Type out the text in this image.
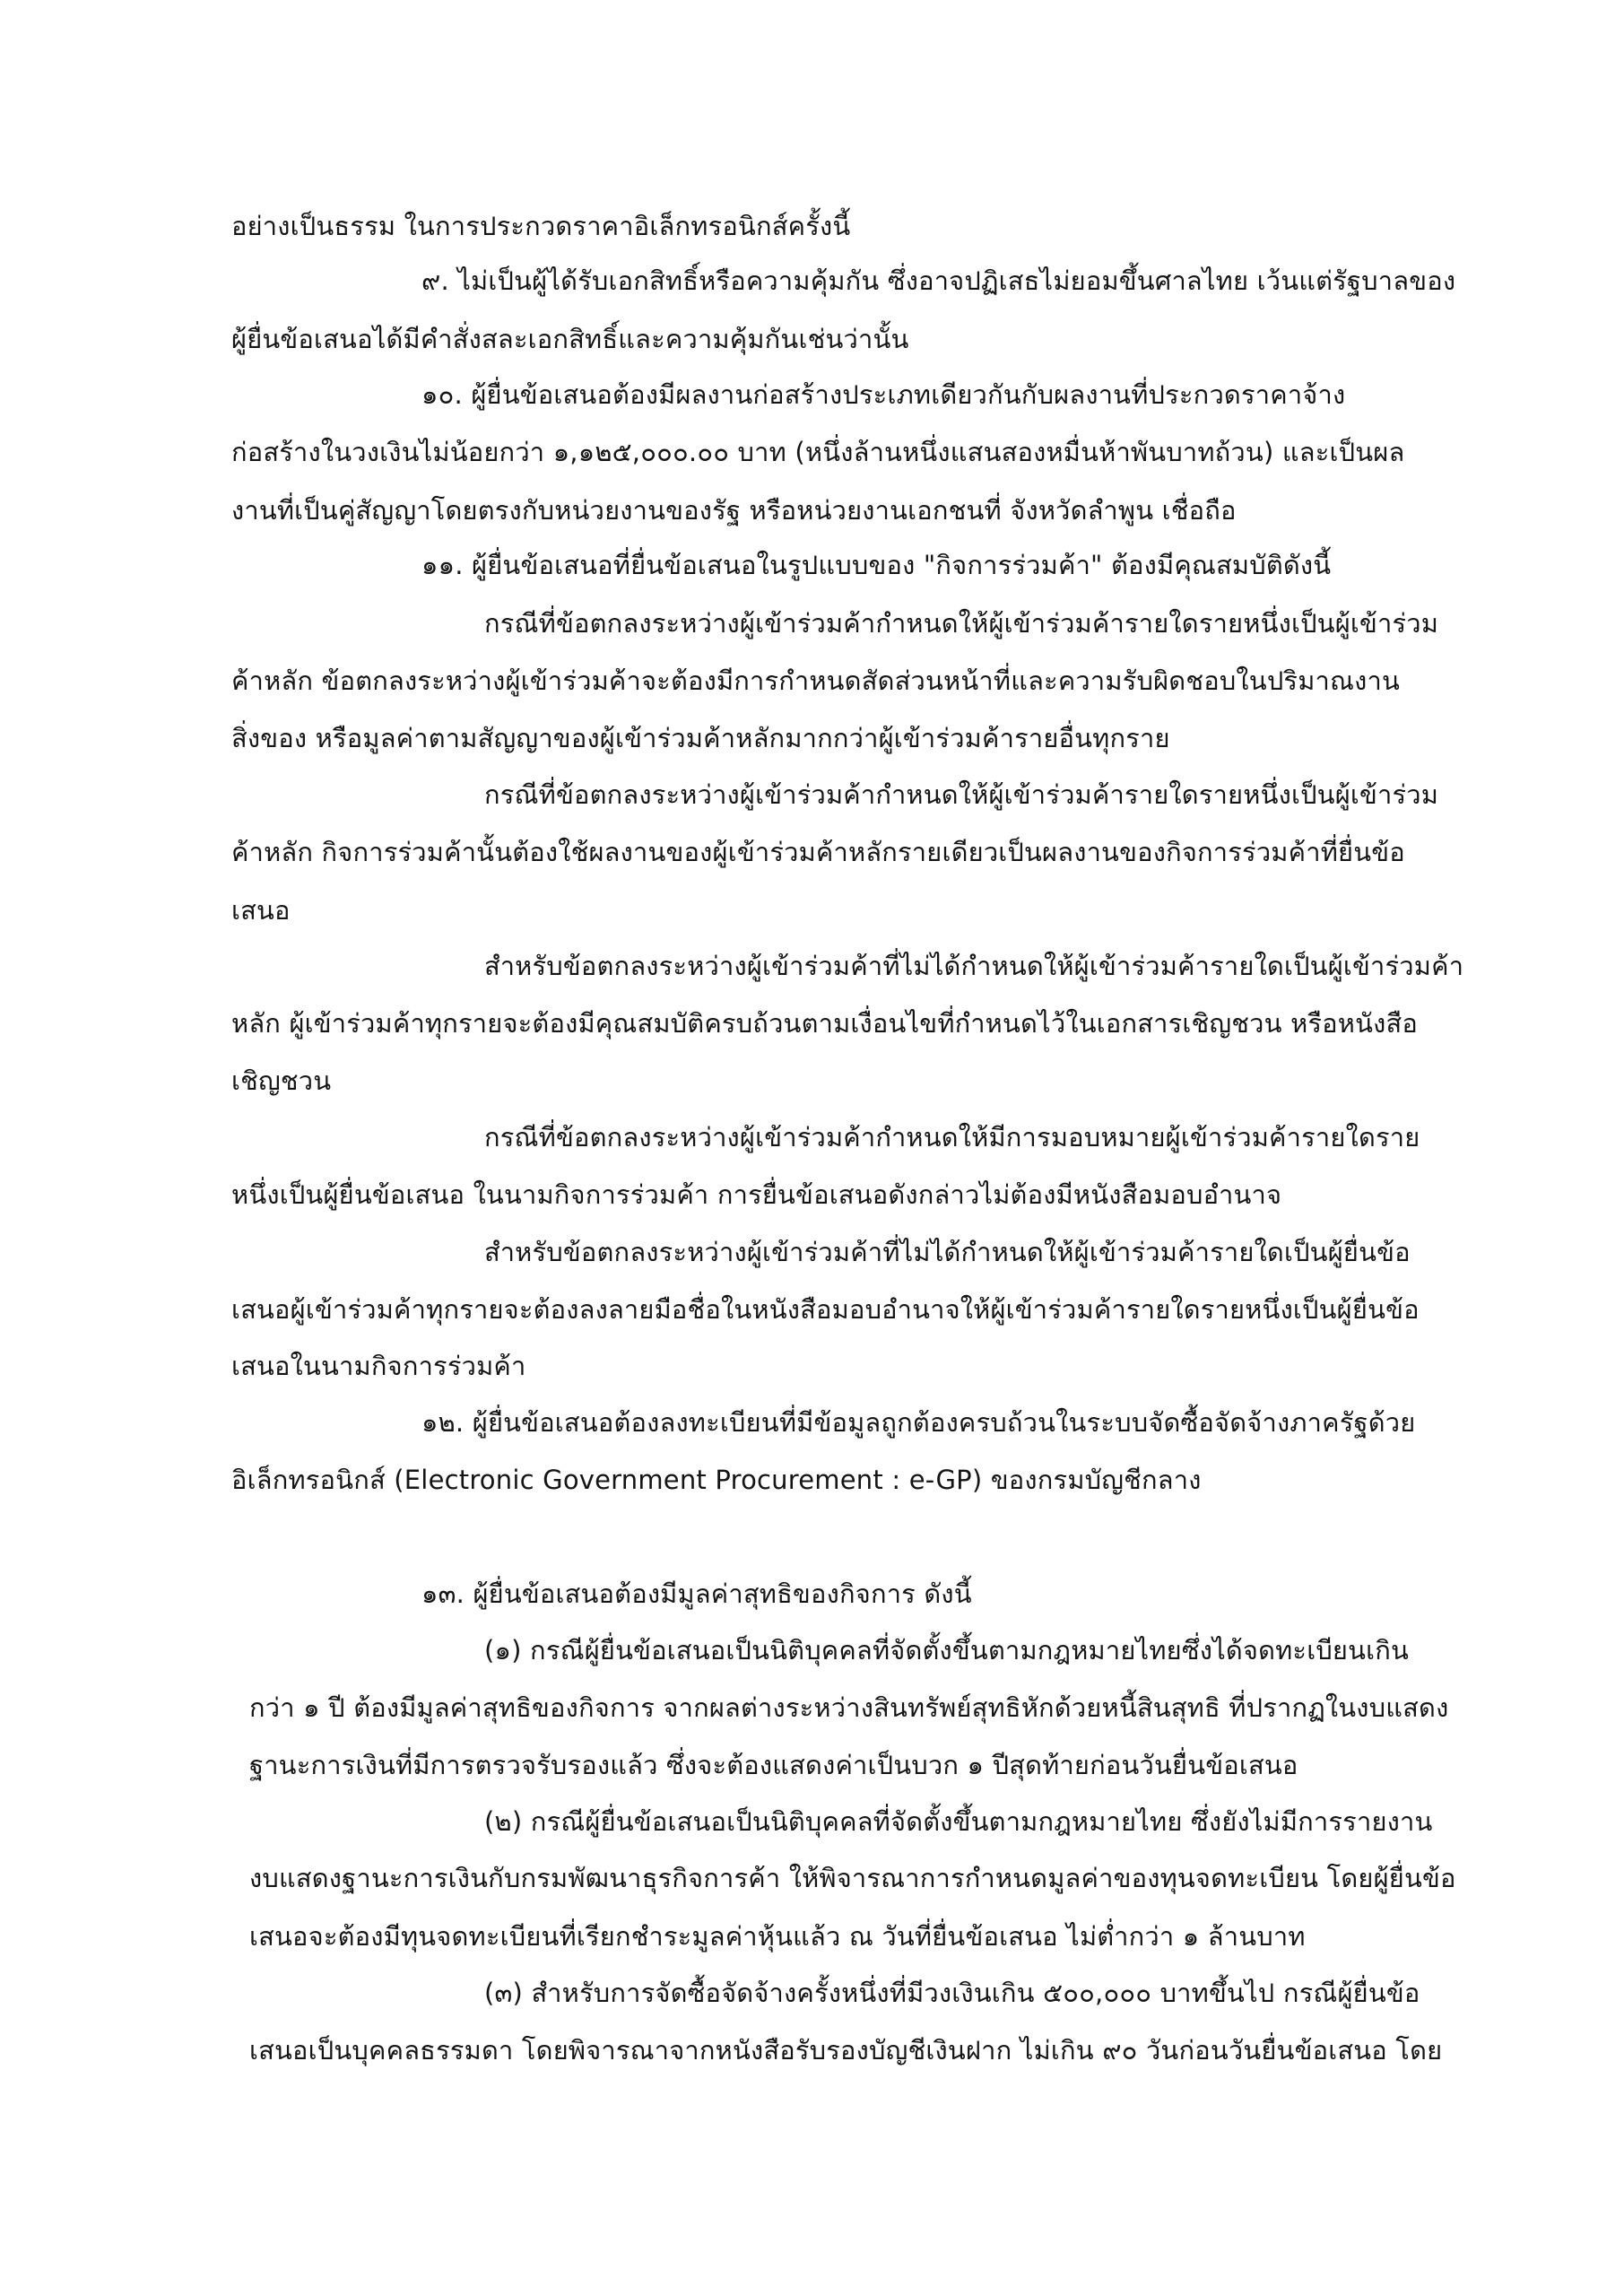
อย่างเป็นธรรม ในการประกวดราคาอิเล็กทรอนิกส์ครั้งนี้
๙. ไม่เป็นผู้ได้รับเอกสิทธิ์หรือความคุ้มกัน ซึ่งอาจปฏิเสธไม่ยอมขึ้นศาลไทย เว้นแต่รัฐบาลของ
ผู้ยื่นข้อเสนอได้มีคำสั่งสละเอกสิทธิ์และความคุ้มกันเช่นว่านั้น
๑๐. ผู้ยื่นข้อเสนอต้องมีผลงานก่อสร้างประเภทเดียวกันกับผลงานที่ประกวดราคาจ้าง
ก่อสร้างในวงเงินไม่น้อยกว่า ๑,๑๒๕,๐๐๐.๐๐ บาท (หนึ่งล้านหนึ่งแสนสองหมื่นห้าพันบาทถ้วน) และเป็นผล
งานที่เป็นคู่สัญญาโดยตรงกับหน่วยงานของรัฐ หรือหน่วยงานเอกชนที่ จังหวัดลำพูน เชื่อถือ
๑๑. ผู้ยื่นข้อเสนอที่ยื่นข้อเสนอในรูปแบบของ "กิจการร่วมค้า" ต้องมีคุณสมบัติดังนี้
กรณีที่ข้อตกลงระหว่างผู้เข้าร่วมค้ากำหนดให้ผู้เข้าร่วมค้ารายใดรายหนึ่งเป็นผู้เข้าร่วม
ค้าหลัก ข้อตกลงระหว่างผู้เข้าร่วมค้าจะต้องมีการกำหนดสัดส่วนหน้าที่และความรับผิดชอบในปริมาณงาน
สิ่งของ หรือมูลค่าตามสัญญาของผู้เข้าร่วมค้าหลักมากกว่าผู้เข้าร่วมค้ารายอื่นทุกราย
กรณีที่ข้อตกลงระหว่างผู้เข้าร่วมค้ากำหนดให้ผู้เข้าร่วมค้ารายใดรายหนึ่งเป็นผู้เข้าร่วม
ค้าหลัก กิจการร่วมค้านั้นต้องใช้ผลงานของผู้เข้าร่วมค้าหลักรายเดียวเป็นผลงานของกิจการร่วมค้าที่ยื่นข้อ
เสนอ
สำหรับข้อตกลงระหว่างผู้เข้าร่วมค้าที่ไม่ได้กำหนดให้ผู้เข้าร่วมค้ารายใดเป็นผู้เข้าร่วมค้า
หลัก ผู้เข้าร่วมค้าทุกรายจะต้องมีคุณสมบัติครบถ้วนตามเงื่อนไขที่กำหนดไว้ในเอกสารเชิญชวน หรือหนังสือ
เชิญชวน
กรณีที่ข้อตกลงระหว่างผู้เข้าร่วมค้ากำหนดให้มีการมอบหมายผู้เข้าร่วมค้ารายใดราย
หนึ่งเป็นผู้ยื่นข้อเสนอ ในนามกิจการร่วมค้า การยื่นข้อเสนอดังกล่าวไม่ต้องมีหนังสือมอบอำนาจ
สำหรับข้อตกลงระหว่างผู้เข้าร่วมค้าที่ไม่ได้กำหนดให้ผู้เข้าร่วมค้ารายใดเป็นผู้ยื่นข้อ
เสนอผู้เข้าร่วมค้าทุกรายจะต้องลงลายมือชื่อในหนังสือมอบอำนาจให้ผู้เข้าร่วมค้ารายใดรายหนึ่งเป็นผู้ยื่นข้อ
เสนอในนามกิจการร่วมค้า
๑๒. ผู้ยื่นข้อเสนอต้องลงทะเบียนที่มีข้อมูลถูกต้องครบถ้วนในระบบจัดซื้อจัดจ้างภาครัฐด้วย
อิเล็กทรอนิกส์ (Electronic Government Procurement : e-GP) ของกรมบัญชีกลาง
๑๓. ผู้ยื่นข้อเสนอต้องมีมูลค่าสุทธิของกิจการ ดังนี้
(๑) กรณีผู้ยื่นข้อเสนอเป็นนิติบุคคลที่จัดตั้งขึ้นตามกฎหมายไทยซึ่งได้จดทะเบียนเกิน
กว่า ๑ ปี ต้องมีมูลค่าสุทธิของกิจการ จากผลต่างระหว่างสินทรัพย์สุทธิหักด้วยหนี้สินสุทธิ ที่ปรากฏในงบแสดง
ฐานะการเงินที่มีการตรวจรับรองแล้ว ซึ่งจะต้องแสดงค่าเป็นบวก ๑ ปีสุดท้ายก่อนวันยื่นข้อเสนอ
(๒) กรณีผู้ยื่นข้อเสนอเป็นนิติบุคคลที่จัดตั้งขึ้นตามกฎหมายไทย ซึ่งยังไม่มีการรายงาน
งบแสดงฐานะการเงินกับกรมพัฒนาธุรกิจการค้า ให้พิจารณาการกำหนดมูลค่าของทุนจดทะเบียน โดยผู้ยื่นข้อ
เสนอจะต้องมีทุนจดทะเบียนที่เรียกชำระมูลค่าหุ้นแล้ว ณ วันที่ยื่นข้อเสนอ ไม่ต่ำกว่า ๑ ล้านบาท
(๓) สำหรับการจัดซื้อจัดจ้างครั้งหนึ่งที่มีวงเงินเกิน ๕๐๐,๐๐๐ บาทขึ้นไป กรณีผู้ยื่นข้อ
เสนอเป็นบุคคลธรรมดา โดยพิจารณาจากหนังสือรับรองบัญชีเงินฝาก ไม่เกิน ๙๐ วันก่อนวันยื่นข้อเสนอ โดย
